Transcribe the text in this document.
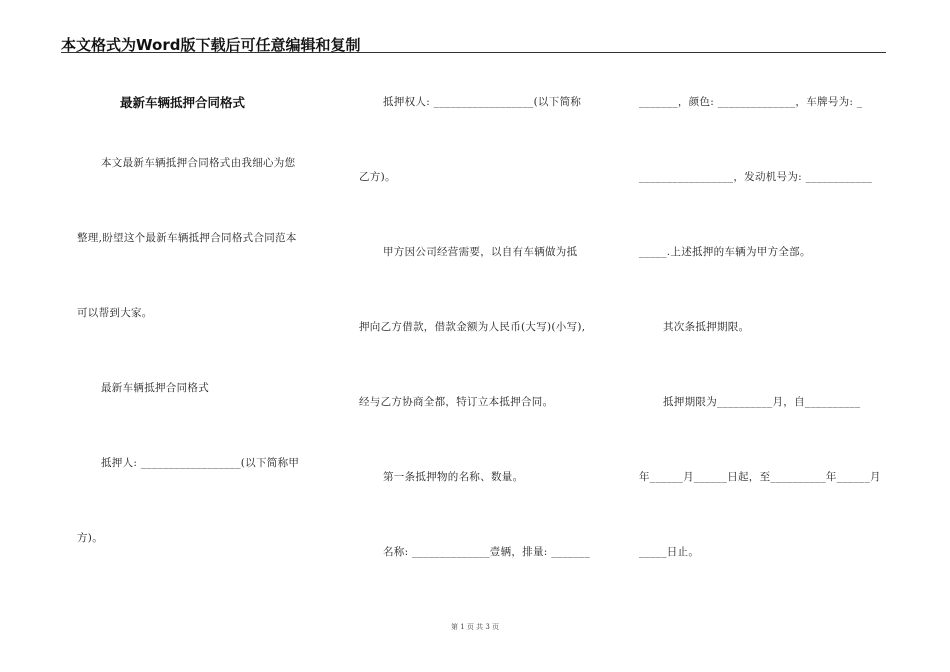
本文格式为Word版下载后可任意编辑和复制
最新车辆抵押合同格式
本文最新车辆抵押合同格式由我细心为您
整理,盼望这个最新车辆抵押合同格式合同范本
可以帮到大家。
最新车辆抵押合同格式
抵押人: __________________(以下简称甲
方)。
抵押权人: __________________(以下简称
乙方)。
甲方因公司经营需要，以自有车辆做为抵
押向乙方借款，借款金额为人民币(大写)(小写),
经与乙方协商全都，特订立本抵押合同。
第一条抵押物的名称、数量。
名称: ______________壹辆，排量: _______
_______，颜色: ______________，车牌号为: _
_________________，发动机号为: ____________
_____.上述抵押的车辆为甲方全部。
其次条抵押期限。
抵押期限为__________月，自__________
年______月______日起，至__________年______月
_____日止。
第 1 页 共 3 页
